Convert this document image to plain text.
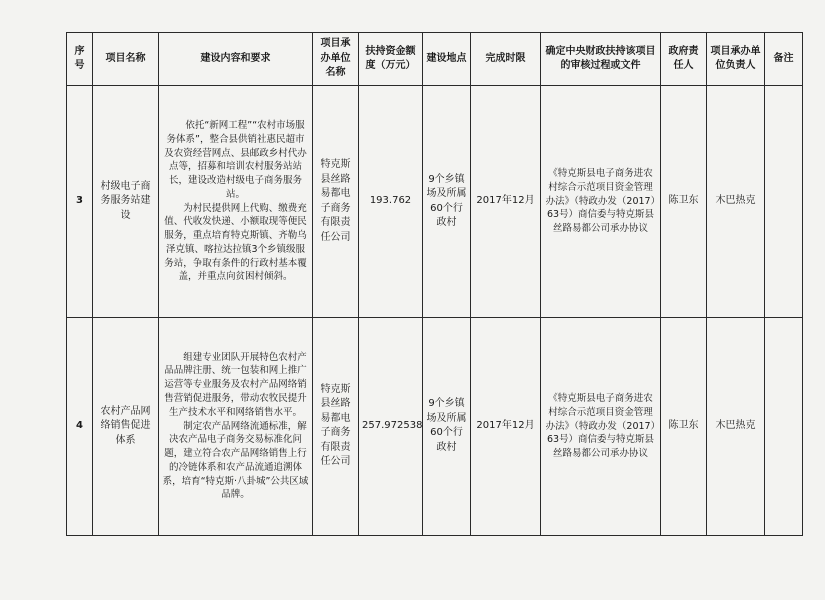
序号	项目名称	建设内容和要求	项目承办单位名称	扶持资金额度（万元）	建设地点	完成时限	确定中央财政扶持该项目的审核过程或文件	政府责任人	项目承办单位负责人	备注
3	村级电子商务服务站建设	依托“新网工程”“农村市场服务体系”，整合县供销社惠民超市及农资经营网点、县邮政乡村代办点等，招募和培训农村服务站站长，建设改造村级电子商务服务站。

为村民提供网上代购、缴费充值、代收发快递、小额取现等便民服务，重点培育特克斯镇、齐勒乌泽克镇、喀拉达拉镇3个乡镇级服务站，争取有条件的行政村基本覆盖，并重点向贫困村倾斜。	特克斯县丝路易都电子商务有限责任公司	193.762	9个乡镇场及所属60个行政村	2017年12月	《特克斯县电子商务进农村综合示范项目资金管理办法》（特政办发（2017）63号）商信委与特克斯县丝路易都公司承办协议	陈卫东	木巴热克	
4	农村产品网络销售促进体系	组建专业团队开展特色农村产品品牌注册、统一包装和网上推广运营等专业服务及农村产品网络销售营销促进服务，带动农牧民提升生产技术水平和网络销售水平。

制定农产品网络流通标准，解决农产品电子商务交易标准化问题，建立符合农产品网络销售上行的冷链体系和农产品流通追溯体系，培育“特克斯·八卦城”公共区域品牌。	特克斯县丝路易都电子商务有限责任公司	257.972538	9个乡镇场及所属60个行政村	2017年12月	《特克斯县电子商务进农村综合示范项目资金管理办法》（特政办发（2017）63号）商信委与特克斯县丝路易都公司承办协议	陈卫东	木巴热克	
